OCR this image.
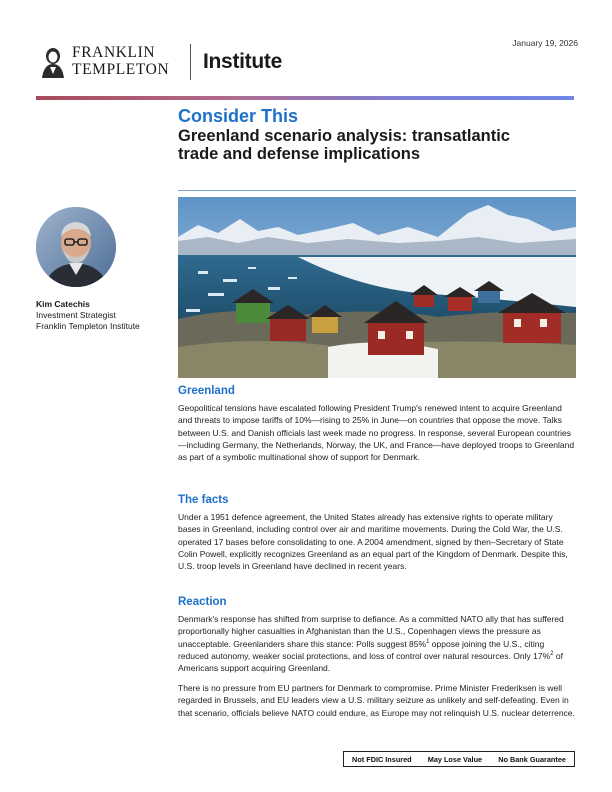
January 19, 2026
FRANKLIN
TEMPLETON Institute
Consider This
Greenland scenario analysis: transatlantic trade and defense implications
Kim Catechis
Investment Strategist
Franklin Templeton Institute
Greenland
Geopolitical tensions have escalated following President Trump's renewed intent to acquire Greenland and threats to impose tariffs of 10%—rising to 25% in June—on countries that oppose the move. Talks between U.S. and Danish officials last week made no progress. In response, several European countries—including Germany, the Netherlands, Norway, the UK, and France—have deployed troops to Greenland as part of a symbolic multinational show of support for Denmark.
The facts
Under a 1951 defence agreement, the United States already has extensive rights to operate military bases in Greenland, including control over air and maritime movements. During the Cold War, the U.S. operated 17 bases before consolidating to one. A 2004 amendment, signed by then–Secretary of State Colin Powell, explicitly recognizes Greenland as an equal part of the Kingdom of Denmark. Despite this, U.S. troop levels in Greenland have declined in recent years.
Reaction
Denmark's response has shifted from surprise to defiance. As a committed NATO ally that has suffered proportionally higher casualties in Afghanistan than the U.S., Copenhagen views the pressure as unacceptable. Greenlanders share this stance: Polls suggest 85%$^1$ oppose joining the U.S., citing reduced autonomy, weaker social protections, and loss of control over natural resources. Only 17%$^2$ of Americans support acquiring Greenland.
There is no pressure from EU partners for Denmark to compromise. Prime Minister Frederiksen is well regarded in Brussels, and EU leaders view a U.S. military seizure as unlikely and self-defeating. Even in that scenario, officials believe NATO could endure, as Europe may not relinquish U.S. nuclear deterrence.
Not FDIC Insured May Lose Value No Bank Guarantee
